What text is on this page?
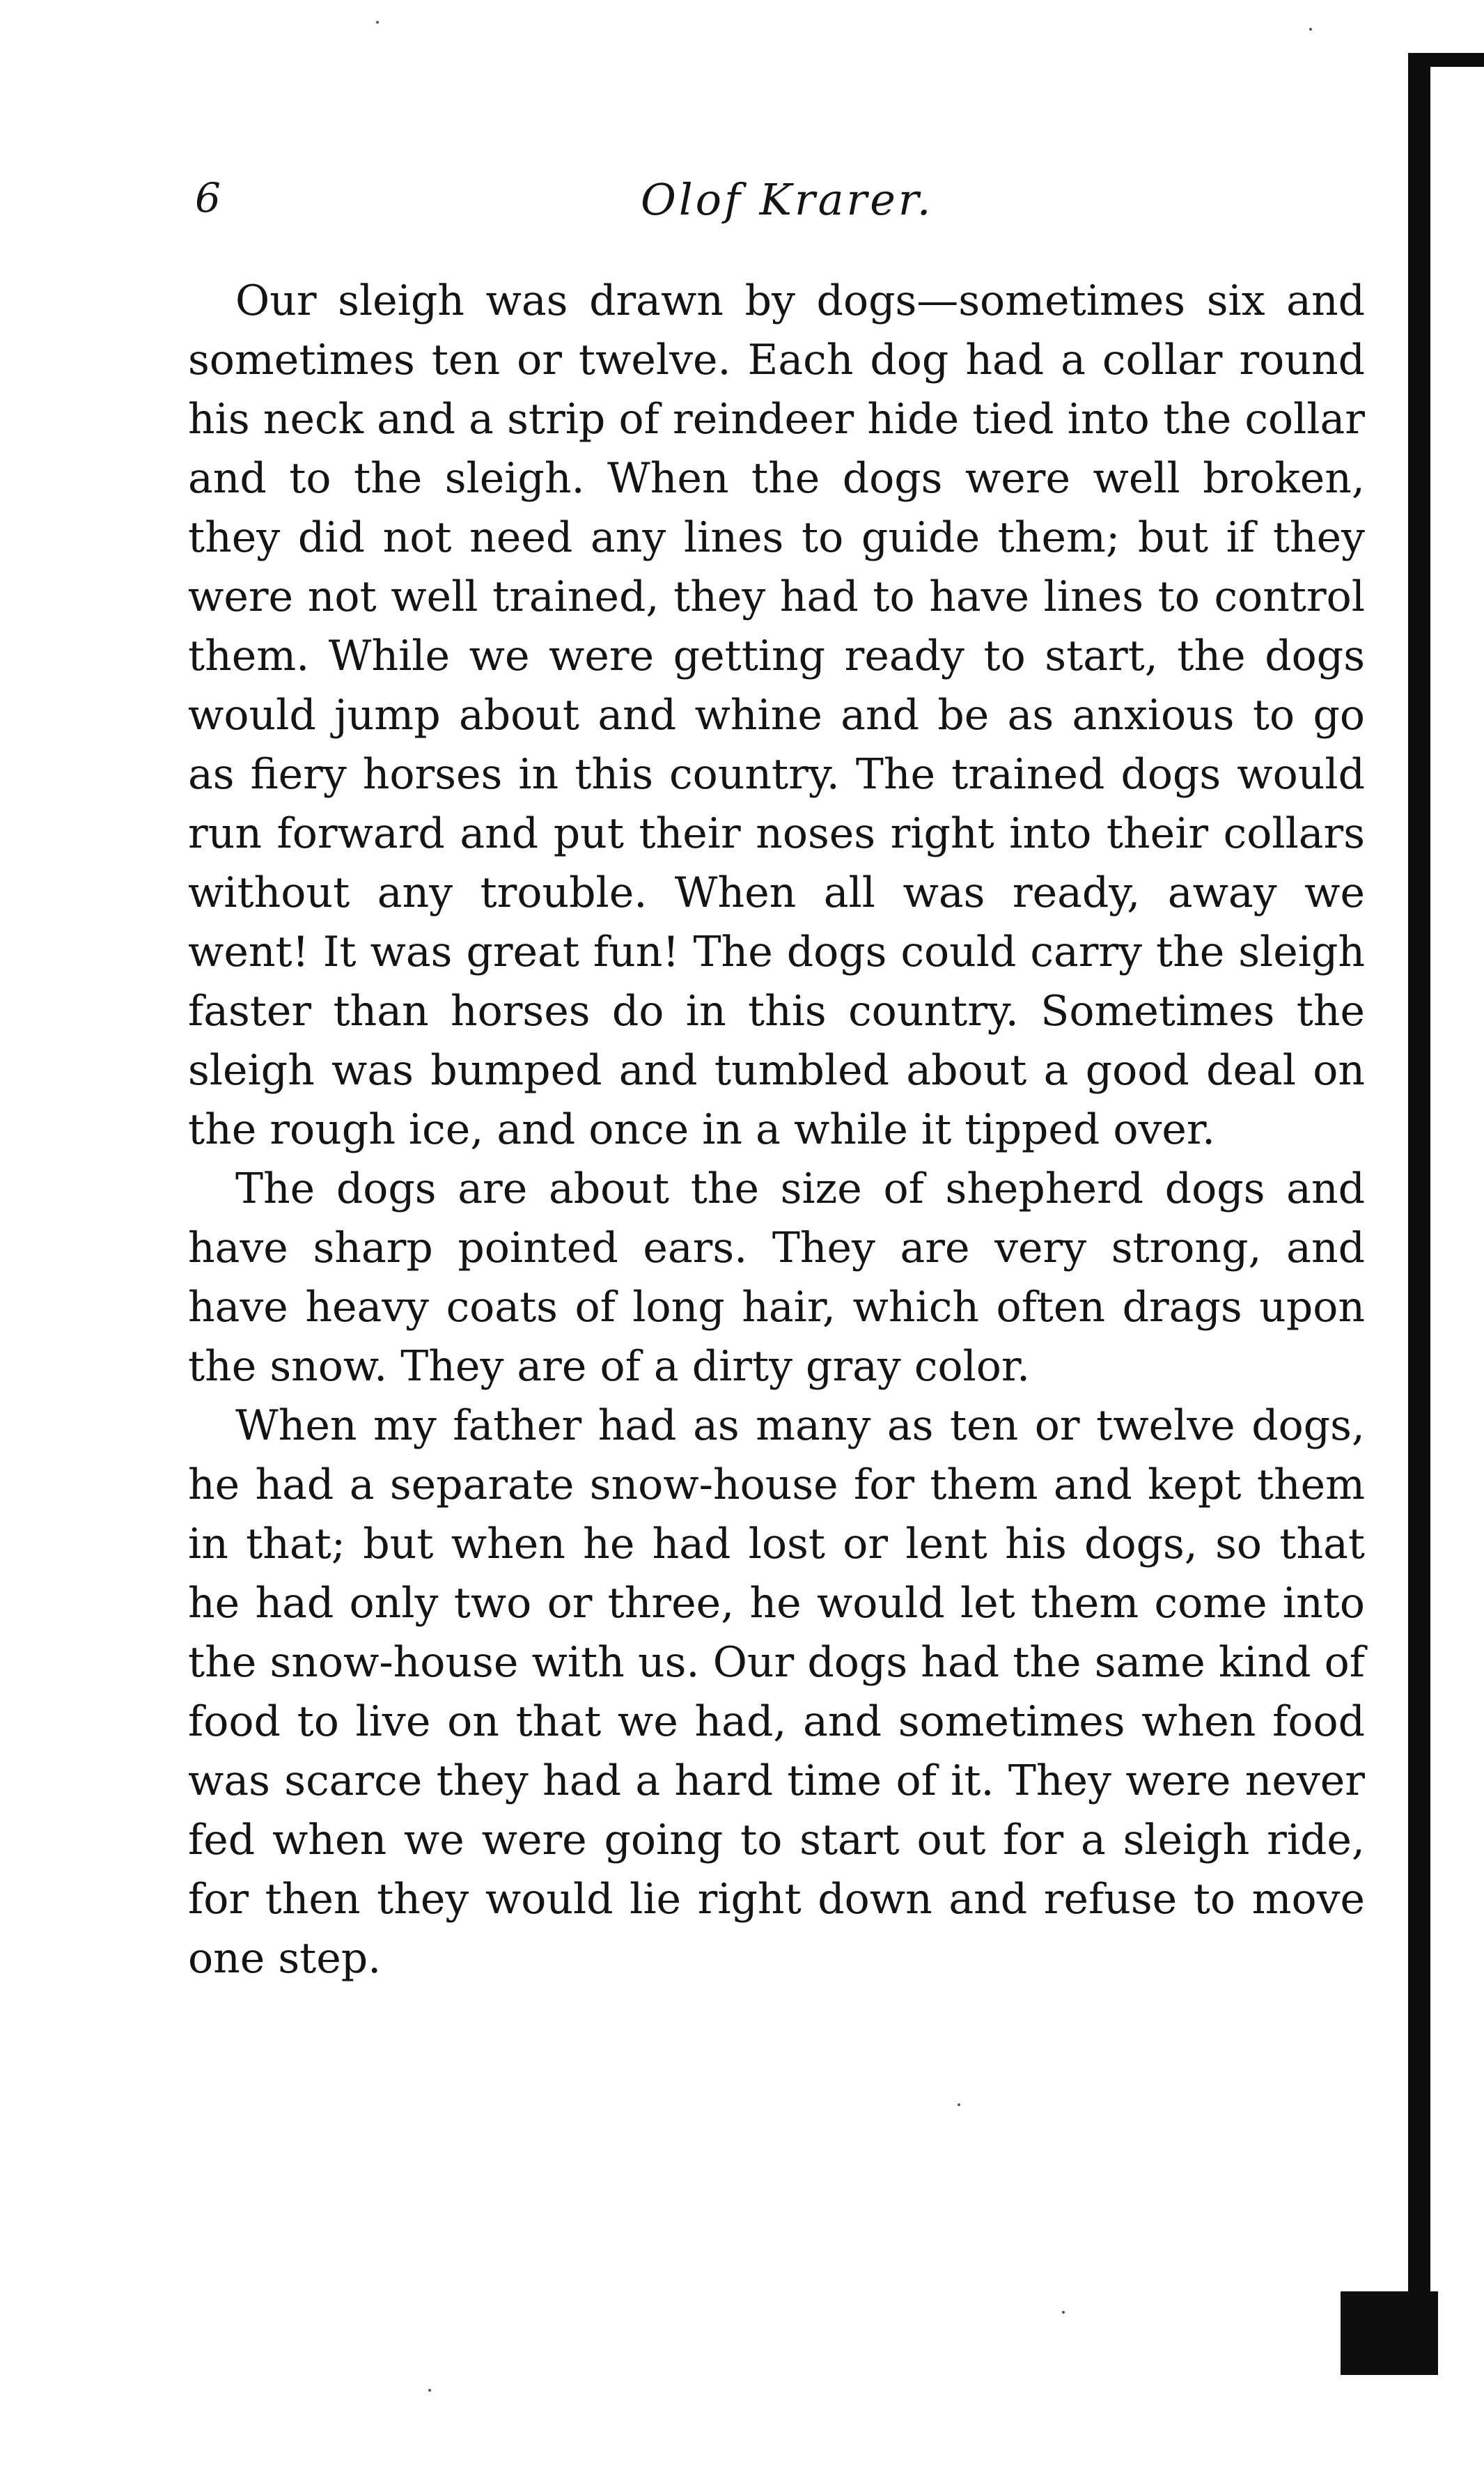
6	Olof Krarer.

Our sleigh was drawn by dogs—sometimes six and sometimes ten or twelve. Each dog had a collar round his neck and a strip of reindeer hide tied into the collar and to the sleigh. When the dogs were well broken, they did not need any lines to guide them; but if they were not well trained, they had to have lines to control them. While we were getting ready to start, the dogs would jump about and whine and be as anxious to go as fiery horses in this country. The trained dogs would run forward and put their noses right into their collars without any trouble. When all was ready, away we went! It was great fun! The dogs could carry the sleigh faster than horses do in this country. Sometimes the sleigh was bumped and tumbled about a good deal on the rough ice, and once in a while it tipped over.

The dogs are about the size of shepherd dogs and have sharp pointed ears. They are very strong, and have heavy coats of long hair, which often drags upon the snow. They are of a dirty gray color.

When my father had as many as ten or twelve dogs, he had a separate snow-house for them and kept them in that; but when he had lost or lent his dogs, so that he had only two or three, he would let them come into the snow-house with us. Our dogs had the same kind of food to live on that we had, and sometimes when food was scarce they had a hard time of it. They were never fed when we were going to start out for a sleigh ride, for then they would lie right down and refuse to move one step.
